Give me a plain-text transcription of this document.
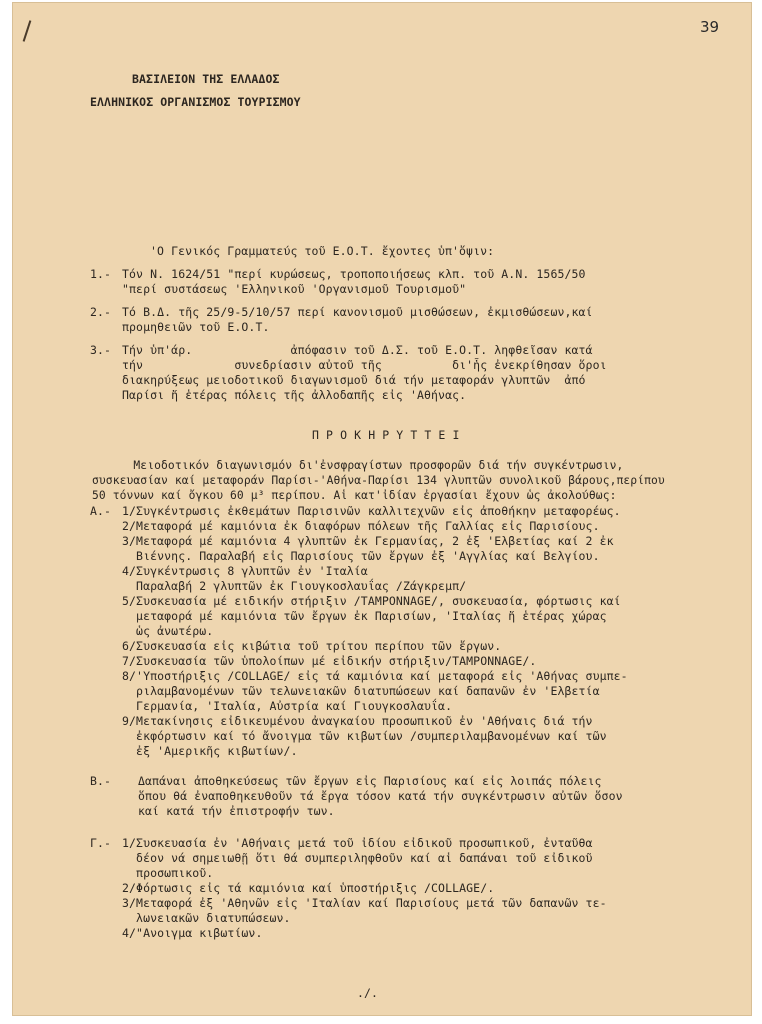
39
ΒΑΣΙΛΕΙΟΝ ΤΗΣ ΕΛΛΑΔΟΣ
ΕΛΛΗΝΙΚΟΣ ΟΡΓΑΝΙΣΜΟΣ ΤΟΥΡΙΣΜΟΥ
'Ο Γενικός Γραμματεύς τοῦ Ε.Ο.Τ. ἔχοντες ὑπ'ὄψιν:
1.- Τόν Ν. 1624/51 "περί κυρώσεως, τροποποιήσεως κλπ. τοῦ Α.Ν. 1565/50
"περί συστάσεως 'Ελληνικοῦ 'Οργανισμοῦ Τουρισμοῦ"
2.- Τό Β.Δ. τῆς 25/9-5/10/57 περί κανονισμοῦ μισθώσεων, ἐκμισθώσεων,καί
προμηθειῶν τοῦ Ε.Ο.Τ.
3.- Τήν ὑπ'άρ.              ἀπόφασιν τοῦ Δ.Σ. τοῦ Ε.Ο.Τ. ληφθεῖσαν κατά
τήν             συνεδρίασιν αὐτοῦ τῆς          δι'ἧς ἐνεκρίθησαν ὅροι
διακηρύξεως μειοδοτικοῦ διαγωνισμοῦ διά τήν μεταφοράν γλυπτῶν  ἀπό
Παρίσι ἤ ἑτέρας πόλεις τῆς ἀλλοδαπῆς εἰς 'Αθήνας.
Π Ρ Ο Κ Η Ρ Υ Τ Τ Ε Ι
Μειοδοτικόν διαγωνισμόν δι'ἐνσφραγίστων προσφορῶν διά τήν συγκέντρωσιν,
συσκευασίαν καί μεταφοράν Παρίσι-'Αθήνα-Παρίσι 134 γλυπτῶν συνολικοῦ βάρους,περίπου
50 τόννων καί ὄγκου 60 μ³ περίπου. Αἱ κατ'ἰδίαν ἐργασίαι ἔχουν ὡς ἀκολούθως:
Α.- 1/Συγκέντρωσις ἐκθεμάτων Παρισινῶν καλλιτεχνῶν εἰς ἀποθήκην μεταφορέως.
2/Μεταφορά μέ καμιόνια ἐκ διαφόρων πόλεων τῆς Γαλλίας εἰς Παρισίους.
3/Μεταφορά μέ καμιόνια 4 γλυπτῶν ἐκ Γερμανίας, 2 ἐξ 'Ελβετίας καί 2 ἐκ
Βιέννης. Παραλαβή εἰς Παρισίους τῶν ἔργων ἐξ 'Αγγλίας καί Βελγίου.
4/Συγκέντρωσις 8 γλυπτῶν ἐν 'Ιταλία
Παραλαβή 2 γλυπτῶν ἐκ Γιουγκοσλαυΐας /Ζάγκρεμπ/
5/Συσκευασία μέ ειδικήν στήριξιν /TAMPONNAGE/, συσκευασία, φόρτωσις καί
μεταφορά μέ καμιόνια τῶν ἔργων ἐκ Παρισίων, 'Ιταλίας ἤ ἑτέρας χώρας
ὡς ἀνωτέρω.
6/Συσκευασία εἰς κιβώτια τοῦ τρίτου περίπου τῶν ἔργων.
7/Συσκευασία τῶν ὑπολοίπων μέ εἰδικήν στήριξιν/TAMPONNAGE/.
8/'Υποστήριξις /COLLAGE/ εἰς τά καμιόνια καί μεταφορά εἰς 'Αθήνας συμπε-
ριλαμβανομένων τῶν τελωνειακῶν διατυπώσεων καί δαπανῶν ἐν 'Ελβετία
Γερμανία, 'Ιταλία, Αὐστρία καί Γιουγκοσλαυΐα.
9/Μετακίνησις εἰδικευμένου ἀναγκαίου προσωπικοῦ ἐν 'Αθήναις διά τήν
ἐκφόρτωσιν καί τό ἄνοιγμα τῶν κιβωτίων /συμπεριλαμβανομένων καί τῶν
ἐξ 'Αμερικῆς κιβωτίων/.
Β.- Δαπάναι ἀποθηκεύσεως τῶν ἔργων εἰς Παρισίους καί εἰς λοιπάς πόλεις
ὅπου θά ἐναποθηκευθοῦν τά ἔργα τόσον κατά τήν συγκέντρωσιν αὐτῶν ὅσον
καί κατά τήν ἐπιστροφήν των.
Γ.- 1/Συσκευασία ἐν 'Αθήναις μετά τοῦ ἰδίου εἰδικοῦ προσωπικοῦ, ἐνταῦθα
δέον νά σημειωθῇ ὅτι θά συμπεριληφθοῦν καί αἱ δαπάναι τοῦ εἰδικοῦ
προσωπικοῦ.
2/Φόρτωσις εἰς τά καμιόνια καί ὑποστήριξις /COLLAGE/.
3/Μεταφορά ἐξ 'Αθηνῶν εἰς 'Ιταλίαν καί Παρισίους μετά τῶν δαπανῶν τε-
λωνειακῶν διατυπώσεων.
4/"Ανοιγμα κιβωτίων.
./.
